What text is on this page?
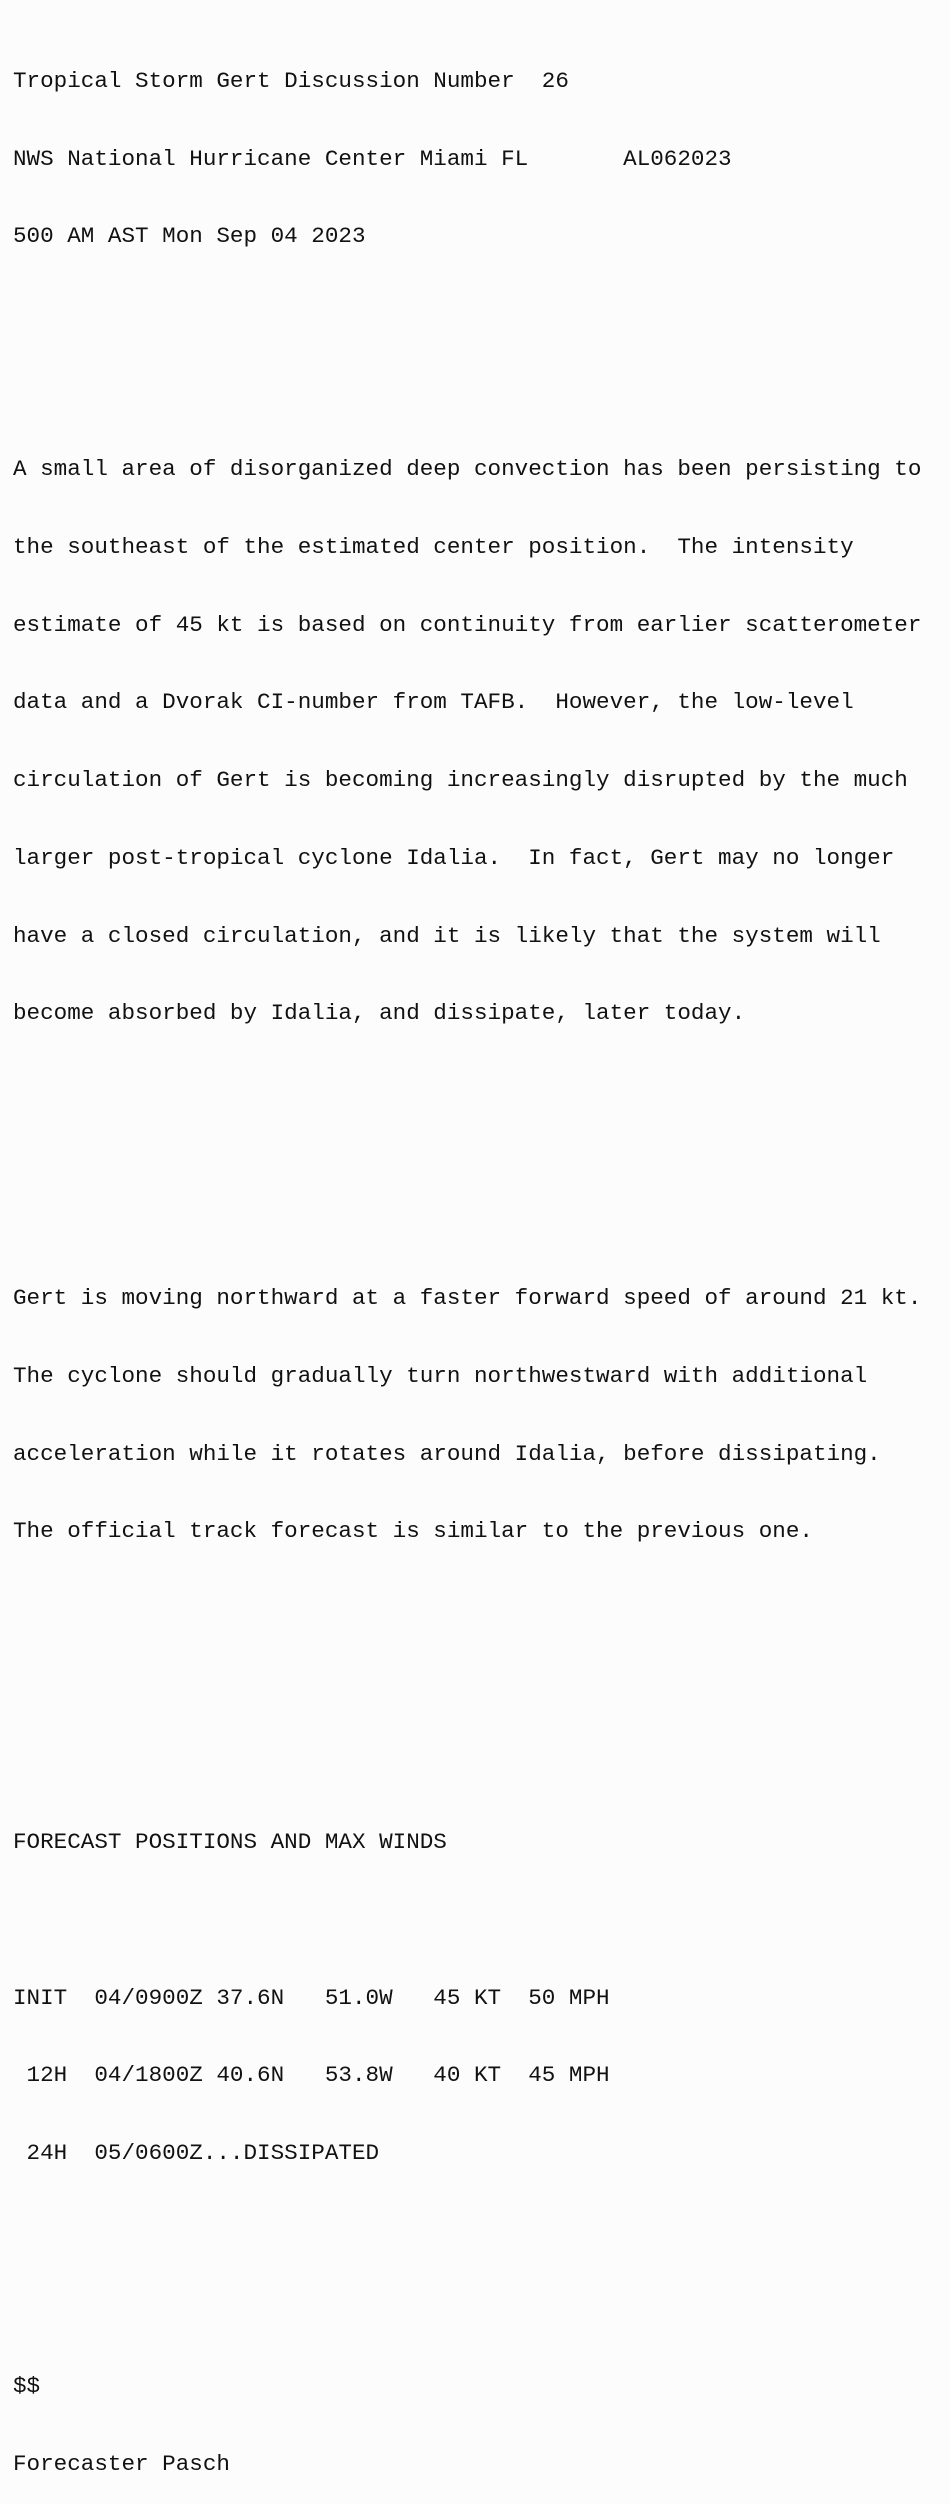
Tropical Storm Gert Discussion Number  26

NWS National Hurricane Center Miami FL       AL062023

500 AM AST Mon Sep 04 2023

A small area of disorganized deep convection has been persisting to

the southeast of the estimated center position.  The intensity

estimate of 45 kt is based on continuity from earlier scatterometer

data and a Dvorak CI-number from TAFB.  However, the low-level

circulation of Gert is becoming increasingly disrupted by the much

larger post-tropical cyclone Idalia.  In fact, Gert may no longer

have a closed circulation, and it is likely that the system will

become absorbed by Idalia, and dissipate, later today.

Gert is moving northward at a faster forward speed of around 21 kt.

The cyclone should gradually turn northwestward with additional

acceleration while it rotates around Idalia, before dissipating.

The official track forecast is similar to the previous one.

FORECAST POSITIONS AND MAX WINDS

INIT  04/0900Z 37.6N   51.0W   45 KT  50 MPH

12H  04/1800Z 40.6N   53.8W   40 KT  45 MPH

24H  05/0600Z...DISSIPATED

$$

Forecaster Pasch
